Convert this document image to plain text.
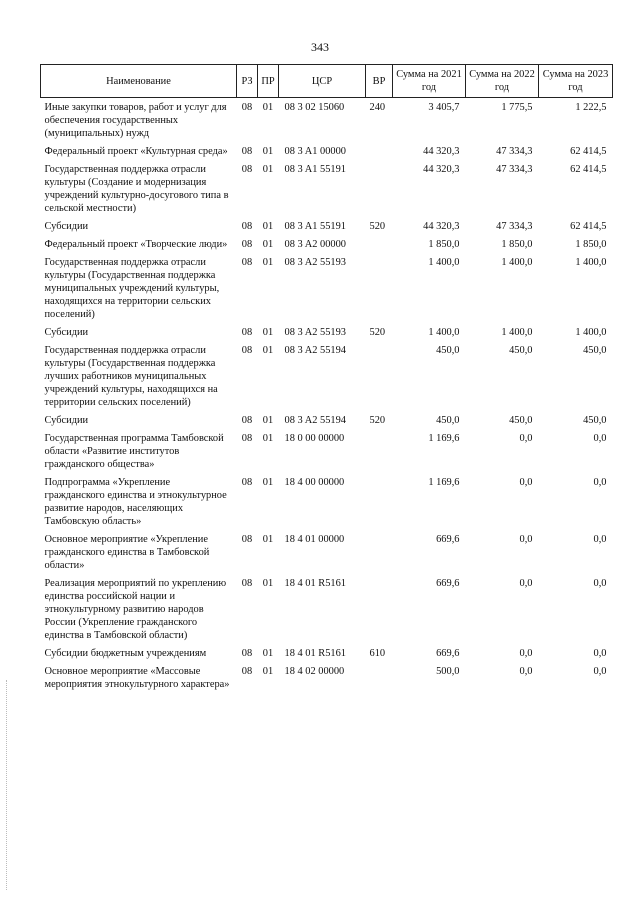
343
Наименование	РЗ	ПР	ЦСР	ВР	Сумма на 2021 год	Сумма на 2022 год	Сумма на 2023 год
Иные закупки товаров, работ и услуг для обеспечения государственных (муниципальных) нужд	08	01	08 3 02 15060	240	3 405,7	1 775,5	1 222,5
Федеральный проект «Культурная среда»	08	01	08 3 A1 00000		44 320,3	47 334,3	62 414,5
Государственная поддержка отрасли культуры (Создание и модернизация учреждений культурно-досугового типа в сельской местности)	08	01	08 3 A1 55191		44 320,3	47 334,3	62 414,5
Субсидии	08	01	08 3 A1 55191	520	44 320,3	47 334,3	62 414,5
Федеральный проект «Творческие люди»	08	01	08 3 A2 00000		1 850,0	1 850,0	1 850,0
Государственная поддержка отрасли культуры (Государственная поддержка муниципальных учреждений культуры, находящихся на территории сельских поселений)	08	01	08 3 A2 55193		1 400,0	1 400,0	1 400,0
Субсидии	08	01	08 3 A2 55193	520	1 400,0	1 400,0	1 400,0
Государственная поддержка отрасли культуры (Государственная поддержка лучших работников муниципальных учреждений культуры, находящихся на территории сельских поселений)	08	01	08 3 A2 55194		450,0	450,0	450,0
Субсидии	08	01	08 3 A2 55194	520	450,0	450,0	450,0
Государственная программа Тамбовской области «Развитие институтов гражданского общества»	08	01	18 0 00 00000		1 169,6	0,0	0,0
Подпрограмма «Укрепление гражданского единства и этнокультурное развитие народов, населяющих Тамбовскую область»	08	01	18 4 00 00000		1 169,6	0,0	0,0
Основное мероприятие «Укрепление гражданского единства в Тамбовской области»	08	01	18 4 01 00000		669,6	0,0	0,0
Реализация мероприятий по укреплению единства российской нации и этнокультурному развитию народов России (Укрепление гражданского единства в Тамбовской области)	08	01	18 4 01 R5161		669,6	0,0	0,0
Субсидии бюджетным учреждениям	08	01	18 4 01 R5161	610	669,6	0,0	0,0
Основное мероприятие «Массовые мероприятия этнокультурного характера»	08	01	18 4 02 00000		500,0	0,0	0,0
